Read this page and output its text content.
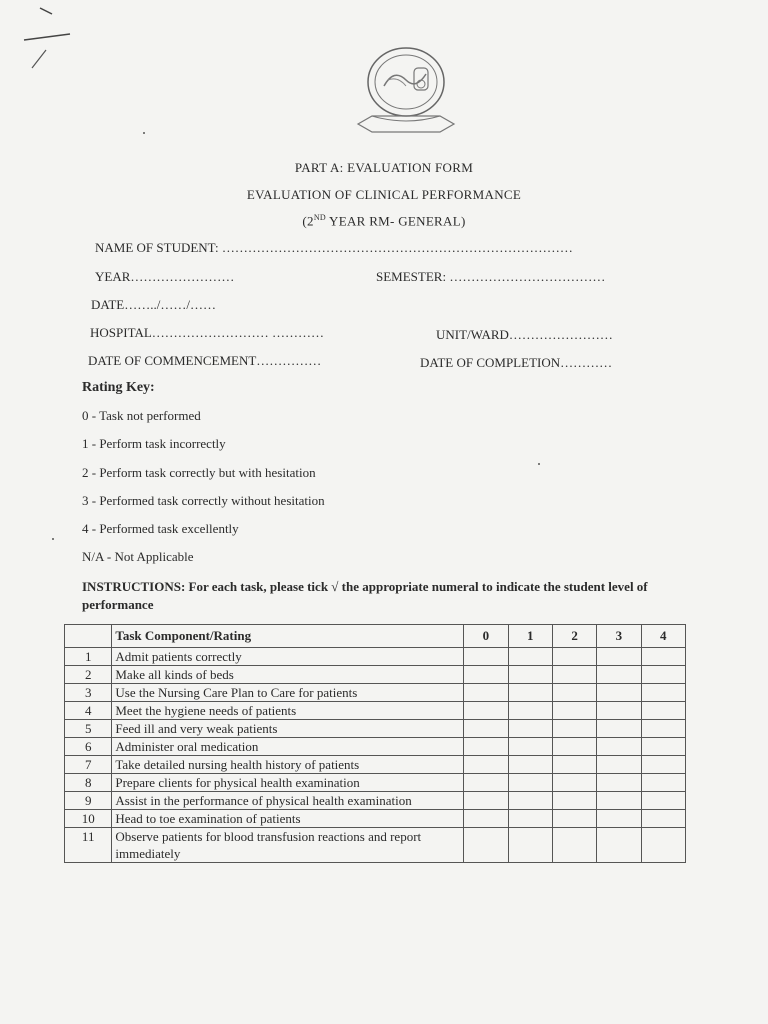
PART A: EVALUATION FORM
EVALUATION OF CLINICAL PERFORMANCE
(2ND YEAR RM- GENERAL)
NAME OF STUDENT: ………………………………………………………………………
YEAR……………………	SEMESTER: ………………………………
DATE……../……/……
HOSPITAL……………………… …………	UNIT/WARD……………………
DATE OF COMMENCEMENT……………	DATE OF COMPLETION…………
Rating Key:
0 - Task not performed
1 - Perform task incorrectly
2 - Perform task correctly but with hesitation
3 - Performed task correctly without hesitation
4 - Performed task excellently
N/A - Not Applicable
INSTRUCTIONS: For each task, please tick √ the appropriate numeral to indicate the student level of performance
	Task Component/Rating	0	1	2	3	4
1	Admit patients correctly					
2	Make all kinds of beds					
3	Use the Nursing Care Plan to Care for patients					
4	Meet the hygiene needs of patients					
5	Feed ill and very weak patients					
6	Administer oral medication					
7	Take detailed nursing health history of patients					
8	Prepare clients for physical health examination					
9	Assist in the performance of physical health examination					
10	Head to toe examination of patients					
11	Observe patients for blood transfusion reactions and report immediately					
